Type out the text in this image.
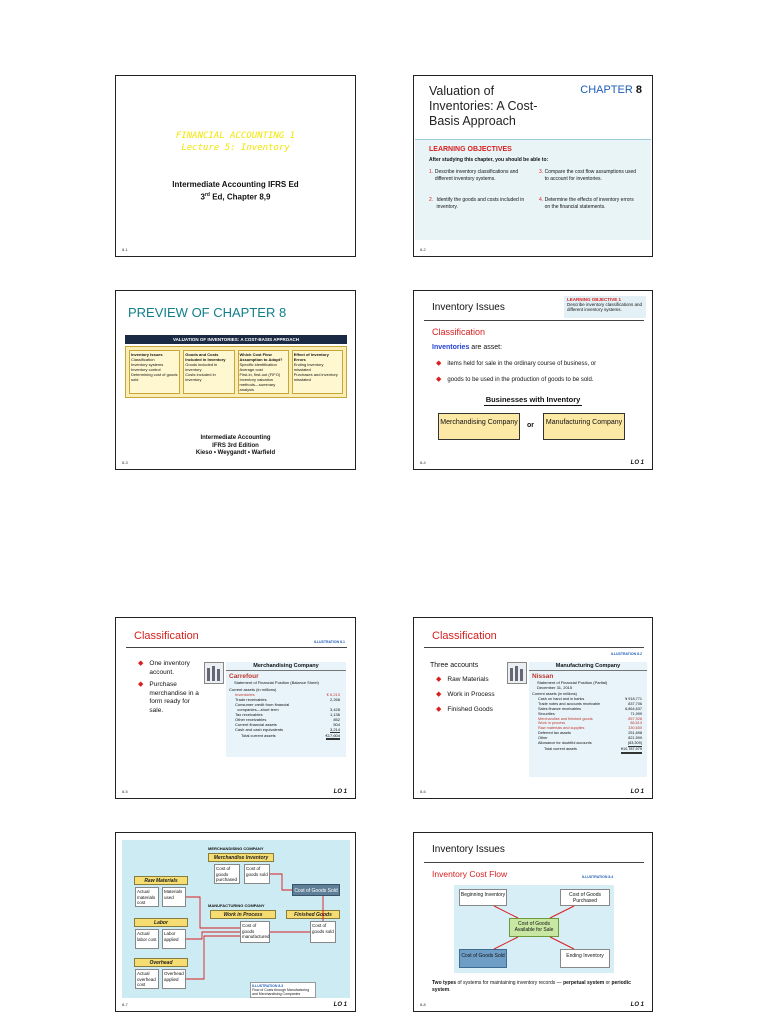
FINANCIAL ACCOUNTING 1
Lecture 5: Inventory
Intermediate Accounting IFRS Ed
3rd Ed, Chapter 8,9
8-1
Valuation of Inventories: A Cost-Basis Approach
CHAPTER 8
LEARNING OBJECTIVES
After studying this chapter, you should be able to:
1. Describe inventory classifications and different inventory systems.
2. Identify the goods and costs included in inventory.
3. Compare the cost flow assumptions used to account for inventories.
4. Determine the effects of inventory errors on the financial statements.
8-2
PREVIEW OF CHAPTER 8
VALUATION OF INVENTORIES: A COST-BASIS APPROACH
Inventory Issues
Classification
Inventory systems
Inventory control
Determining cost of goods sold
Goods and Costs Included in Inventory
Goods included in inventory
Costs included in inventory
Which Cost Flow Assumption to Adopt?
Specific identification
Average cost
First-in, first-out (FIFO)
Inventory valuation methods—summary analysis
Effect of Inventory Errors
Ending inventory misstated
Purchases and inventory misstated
Intermediate Accounting
IFRS 3rd Edition
Kieso • Weygandt • Warfield
8-3
Inventory Issues
LEARNING OBJECTIVE 1
Describe inventory classifications and different inventory systems.
Classification
Inventories are asset:
◆ items held for sale in the ordinary course of business, or
◆ goods to be used in the production of goods to be sold.
Businesses with Inventory
Merchandising Company	or	Manufacturing Company
8-4	LO 1
Classification	ILLUSTRATION 8.1
◆ One inventory account.
◆ Purchase merchandise in a form ready for sale.
Merchandising Company
Carrefour
Statement of Financial Position (Balance Sheet)
Current assets (in millions)
Inventories	€ 6,213
Trade receivables	2,268
Consumer credit from financial
companies—short term	3,428
Tax receivables	1,136
Other receivables	852
Current financial assets	504
Cash and cash equivalents	3,214
Total current assets	€17,604
8-5	LO 1
Classification
ILLUSTRATION 8.2
Three accounts
◆ Raw Materials
◆ Work in Process
◆ Finished Goods
Manufacturing Company
Nissan
Statement of Financial Position (Partial)
December 31, 2015
Current assets (in millions)
Cash on hand and in banks	¥ 918,771
Trade notes and accounts receivable	837,706
Sales finance receivables	6,864,637
Securities	71,999
Merchandise and finished goods	857,928
Work in process	86,613
Raw materials and supplies	330,650
Deferred tax assets	251,698
Other	821,599
Allowance for doubtful accounts	(83,309)
Total current assets	¥10,787,979
8-6	LO 1
MERCHANDISING COMPANY
Merchandise Inventory
Cost of goods purchased
Cost of goods sold
Cost of Goods Sold
MANUFACTURING COMPANY
Raw Materials
Actual materials cost
Materials used
Labor
Actual labor cost
Labor applied
Overhead
Actual overhead cost
Overhead applied
Work in Process
Cost of goods manufactured
Finished Goods
Cost of goods sold
ILLUSTRATION 8.3
Flow of Costs through Manufacturing and Merchandising Companies
8-7	LO 1
Inventory Issues
Inventory Cost Flow	ILLUSTRATION 8.4
Beginning Inventory	Cost of Goods Purchased
Cost of Goods Available for Sale
Cost of Goods Sold	Ending Inventory
Two types of systems for maintaining inventory records — perpetual system or periodic system.
8-8	LO 1
